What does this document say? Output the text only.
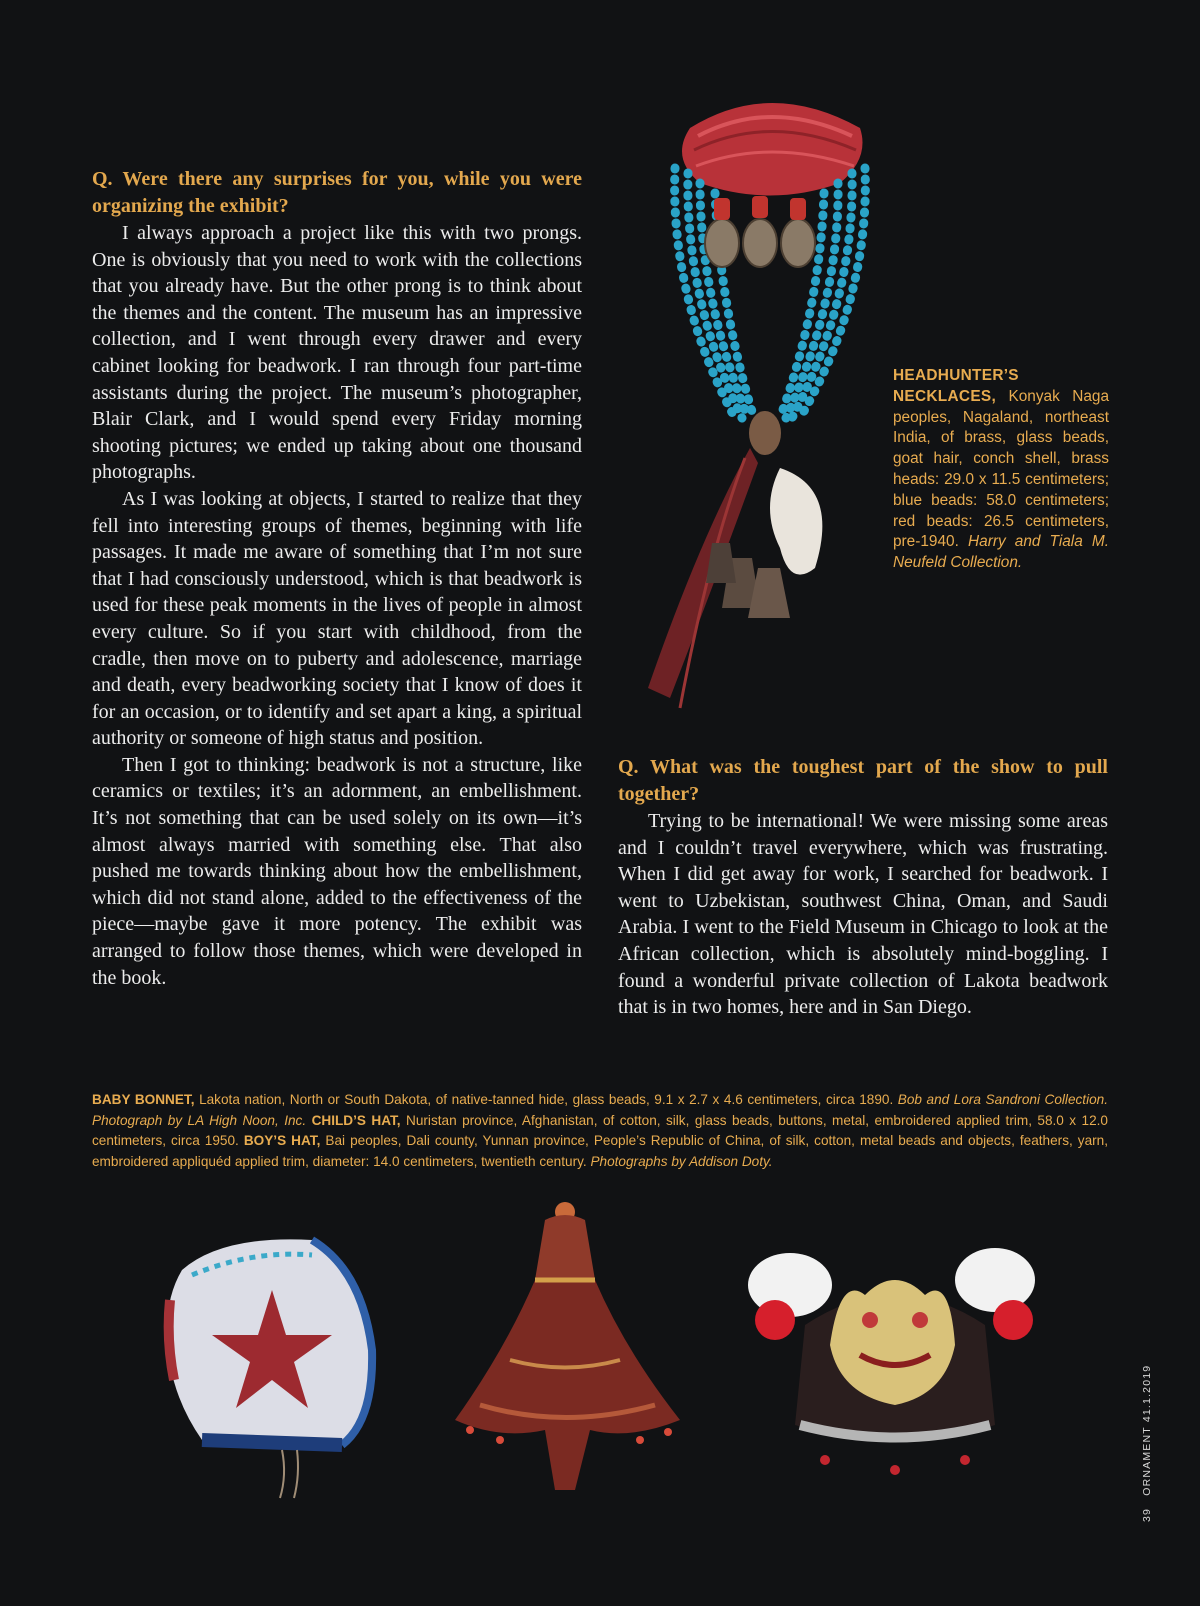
Q. Were there any surprises for you, while you were organizing the exhibit?

I always approach a project like this with two prongs. One is obviously that you need to work with the collections that you already have. But the other prong is to think about the themes and the content. The museum has an impressive collection, and I went through every drawer and every cabinet looking for beadwork. I ran through four part-time assistants during the project. The museum’s photographer, Blair Clark, and I would spend every Friday morning shooting pictures; we ended up taking about one thousand photographs.

As I was looking at objects, I started to realize that they fell into interesting groups of themes, beginning with life passages. It made me aware of something that I’m not sure that I had consciously understood, which is that beadwork is used for these peak moments in the lives of people in almost every culture. So if you start with childhood, from the cradle, then move on to puberty and adolescence, marriage and death, every beadworking society that I know of does it for an occasion, or to identify and set apart a king, a spiritual authority or someone of high status and position.

Then I got to thinking: beadwork is not a structure, like ceramics or textiles; it’s an adornment, an embellishment. It’s not something that can be used solely on its own—it’s almost always married with something else. That also pushed me towards thinking about how the embellishment, which did not stand alone, added to the effectiveness of the piece—maybe gave it more potency. The exhibit was arranged to follow those themes, which were developed in the book.

Q. What was the toughest part of the show to pull together?

Trying to be international! We were missing some areas and I couldn’t travel everywhere, which was frustrating. When I did get away for work, I searched for beadwork. I went to Uzbekistan, southwest China, Oman, and Saudi Arabia. I went to the Field Museum in Chicago to look at the African collection, which is absolutely mind-boggling. I found a wonderful private collection of Lakota beadwork that is in two homes, here and in San Diego.

HEADHUNTER’S NECKLACES, Konyak Naga peoples, Nagaland, northeast India, of brass, glass beads, goat hair, conch shell, brass heads: 29.0 x 11.5 centimeters; blue beads: 58.0 centimeters; red beads: 26.5 centimeters, pre-1940. Harry and Tiala M. Neufeld Collection.
BABY BONNET, Lakota nation, North or South Dakota, of native-tanned hide, glass beads, 9.1 x 2.7 x 4.6 centimeters, circa 1890. Bob and Lora Sandroni Collection. Photograph by LA High Noon, Inc. CHILD’S HAT, Nuristan province, Afghanistan, of cotton, silk, glass beads, buttons, metal, embroidered applied trim, 58.0 x 12.0 centimeters, circa 1950. BOY’S HAT, Bai peoples, Dali county, Yunnan province, People’s Republic of China, of silk, cotton, metal beads and objects, feathers, yarn, embroidered appliquéd applied trim, diameter: 14.0 centimeters, twentieth century. Photographs by Addison Doty.
39 ORNAMENT 41.1.2019
